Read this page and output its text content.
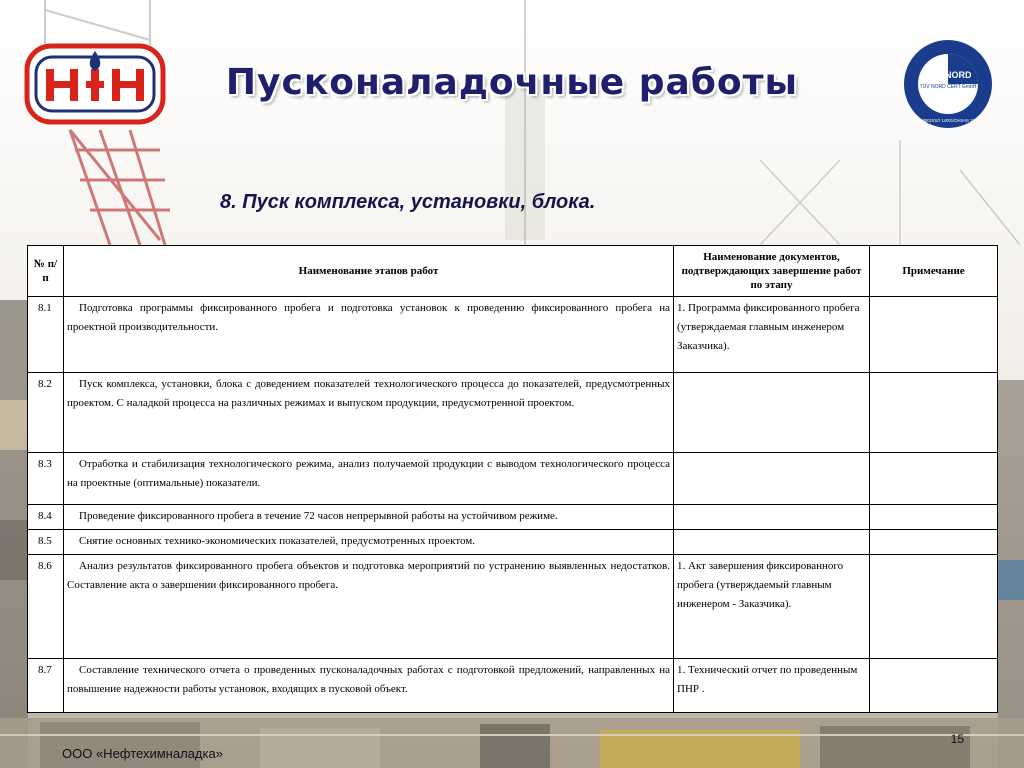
TÜV NORD
TÜV NORD CERT GmbH
ISO 9001/ISO 14001/OHSAS 18001
Пусконаладочные работы
8. Пуск комплекса, установки, блока.
№ п/п	Наименование этапов работ	Наименование документов, подтверждающих завершение работ по этапу	Примечание
8.1	Подготовка программы фиксированного пробега и подготовка установок к проведению фиксированного пробега на проектной производительности.	1. Программа фиксированного пробега (утверждаемая главным инженером Заказчика).	
8.2	Пуск комплекса, установки, блока с доведением показателей технологического процесса до показателей, предусмотренных проектом. С наладкой процесса на различных режимах и выпуском продукции, предусмотренной проектом.		
8.3	Отработка и стабилизация технологического режима, анализ получаемой продукции с выводом технологического процесса на проектные (оптимальные) показатели.		
8.4	Проведение фиксированного пробега в течение 72 часов непрерывной работы на устойчивом режиме.		
8.5	Снятие основных технико-экономических показателей, предусмотренных проектом.		
8.6	Анализ результатов фиксированного пробега объектов и подготовка мероприятий по устранению выявленных недостатков. Составление акта о завершении фиксированного пробега.	1. Акт завершения фиксированного пробега (утверждаемый главным инженером - Заказчика).	
8.7	Составление технического отчета о проведенных пусконаладочных работах с подготовкой предложений, направленных на повышение надежности работы установок, входящих в пусковой объект.	1. Технический отчет по проведенным ПНР .	
ООО «Нефтехимналадка»
15
